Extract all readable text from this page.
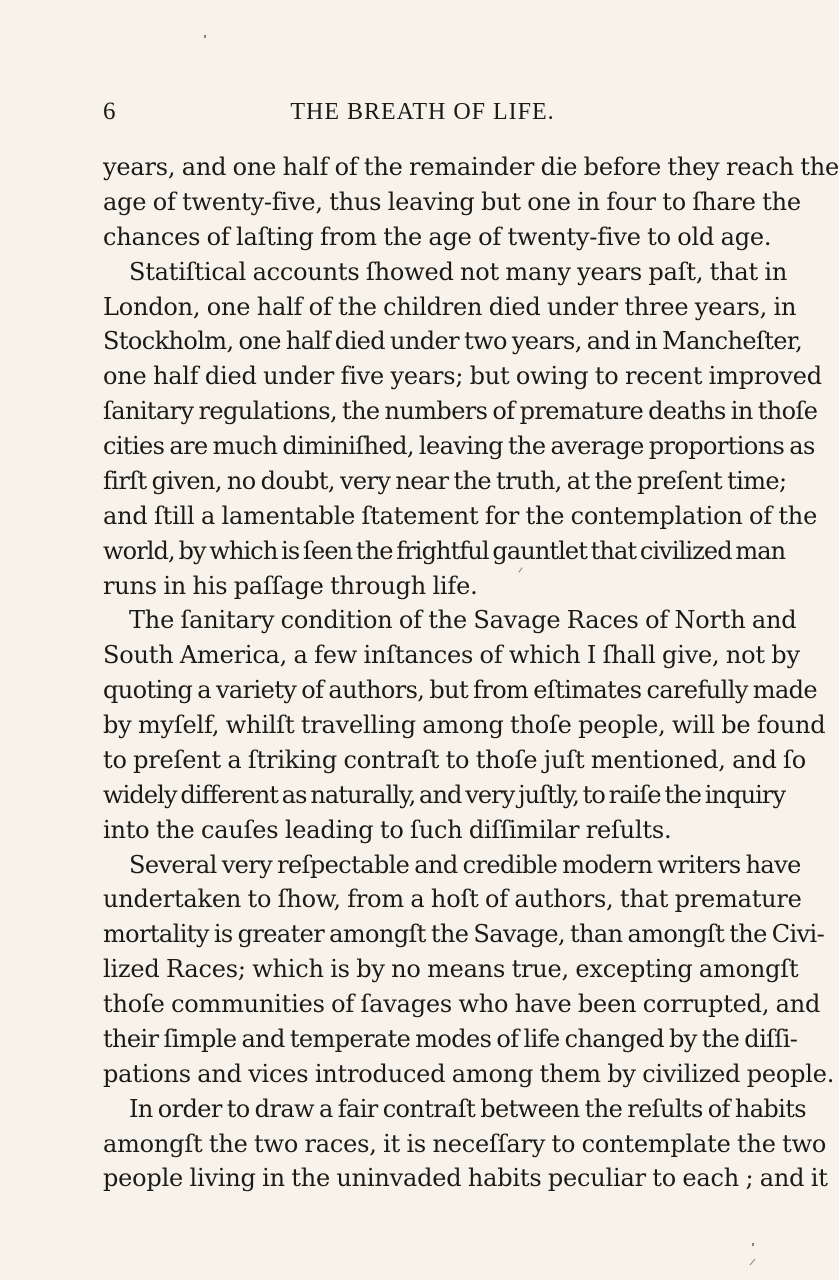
6	THE BREATH OF LIFE.
years, and one half of the remainder die before they reach the
age of twenty-five, thus leaving but one in four to ſhare the
chances of laſting from the age of twenty-five to old age.
Statiſtical accounts ſhowed not many years paſt, that in
London, one half of the children died under three years, in
Stockholm, one half died under two years, and in Mancheſter,
one half died under five years; but owing to recent improved
ſanitary regulations, the numbers of premature deaths in thoſe
cities are much diminiſhed, leaving the average proportions as
firſt given, no doubt, very near the truth, at the preſent time;
and ſtill a lamentable ſtatement for the contemplation of the
world, by which is ſeen the frightful gauntlet that civilized man
runs in his paſſage through life.
The ſanitary condition of the Savage Races of North and
South America, a few inſtances of which I ſhall give, not by
quoting a variety of authors, but from eſtimates carefully made
by myſelf, whilſt travelling among thoſe people, will be found
to preſent a ſtriking contraſt to thoſe juſt mentioned, and ſo
widely different as naturally, and very juſtly, to raiſe the inquiry
into the cauſes leading to ſuch diſſimilar reſults.
Several very reſpectable and credible modern writers have
undertaken to ſhow, from a hoſt of authors, that premature
mortality is greater amongſt the Savage, than amongſt the Civi-
lized Races; which is by no means true, excepting amongſt
thoſe communities of ſavages who have been corrupted, and
their ſimple and temperate modes of life changed by the diſſi-
pations and vices introduced among them by civilized people.
In order to draw a fair contraſt between the reſults of habits
amongſt the two races, it is neceſſary to contemplate the two
people living in the uninvaded habits peculiar to each ; and it
